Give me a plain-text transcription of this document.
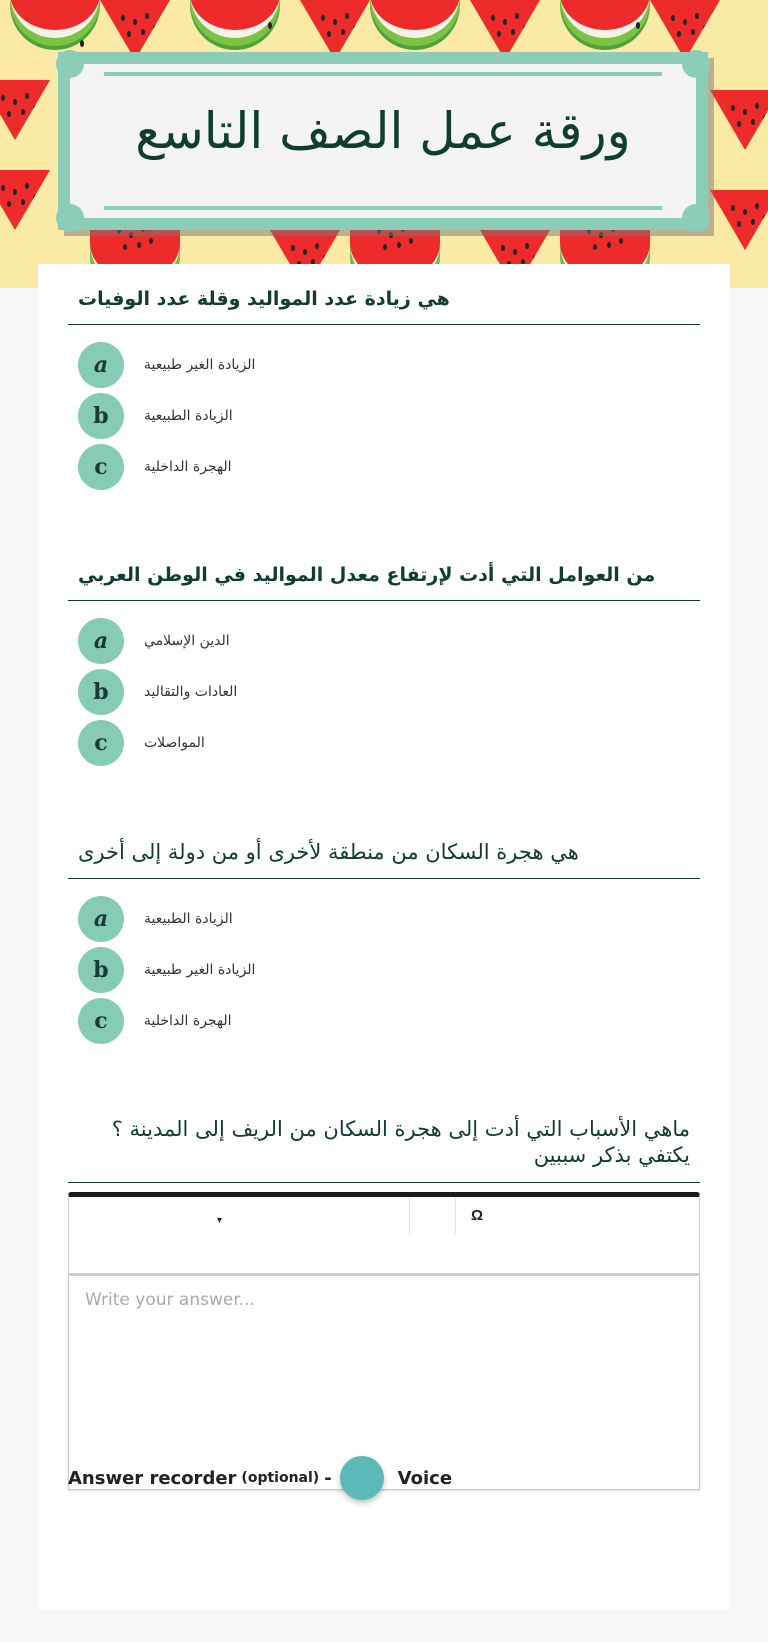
ورقة عمل الصف التاسع
هي زيادة عدد المواليد وقلة عدد الوفيات
a	الزيادة الغير طبيعية
b	الزيادة الطبيعية
c	الهجرة الداخلية
من العوامل التي أدت لإرتفاع معدل المواليد في الوطن العربي
a	الدين الإسلامي
b	العادات والتقاليد
c	المواصلات
هي هجرة السكان من منطقة لأخرى أو من دولة إلى أخرى
a	الزيادة الطبيعية
b	الزيادة الغير طبيعية
c	الهجرة الداخلية
ماهي الأسباب التي أدت إلى هجرة السكان من الريف إلى المدينة ؟ يكتفي بذكر سببين
▾	Ω
Write your answer...
Answer recorder (optional) -	Voice
